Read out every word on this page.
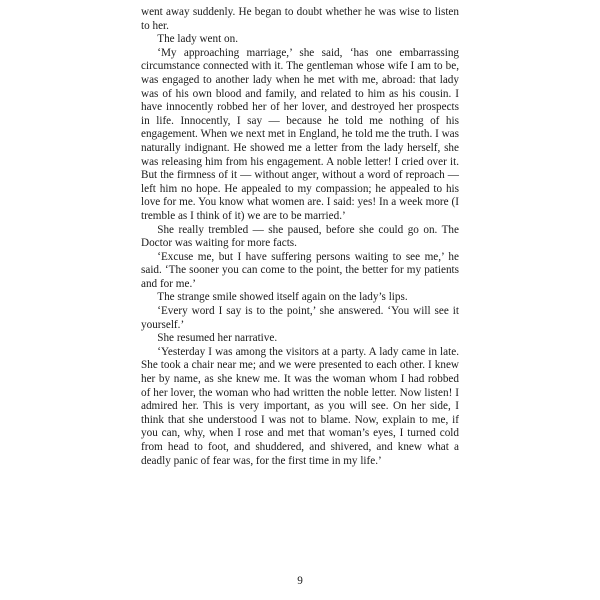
went away suddenly. He began to doubt whether he was wise to listen to her.

The lady went on.

‘My approaching marriage,’ she said, ‘has one embarrassing circumstance connected with it. The gentleman whose wife I am to be, was engaged to another lady when he met with me, abroad: that lady was of his own blood and family, and related to him as his cousin. I have innocently robbed her of her lover, and destroyed her prospects in life. Innocently, I say — because he told me nothing of his engagement. When we next met in England, he told me the truth. I was naturally indignant. He showed me a letter from the lady herself, she was releasing him from his engagement. A noble letter! I cried over it. But the firmness of it — without anger, without a word of reproach — left him no hope. He appealed to my compassion; he appealed to his love for me. You know what women are. I said: yes! In a week more (I tremble as I think of it) we are to be married.’

She really trembled — she paused, before she could go on. The Doctor was waiting for more facts.

‘Excuse me, but I have suffering persons waiting to see me,’ he said. ‘The sooner you can come to the point, the better for my patients and for me.’

The strange smile showed itself again on the lady’s lips.

‘Every word I say is to the point,’ she answered. ‘You will see it yourself.’

She resumed her narrative.

‘Yesterday I was among the visitors at a party. A lady came in late. She took a chair near me; and we were presented to each other. I knew her by name, as she knew me. It was the woman whom I had robbed of her lover, the woman who had written the noble letter. Now listen! I admired her. This is very important, as you will see. On her side, I think that she understood I was not to blame. Now, explain to me, if you can, why, when I rose and met that woman’s eyes, I turned cold from head to foot, and shuddered, and shivered, and knew what a deadly panic of fear was, for the first time in my life.’

9
